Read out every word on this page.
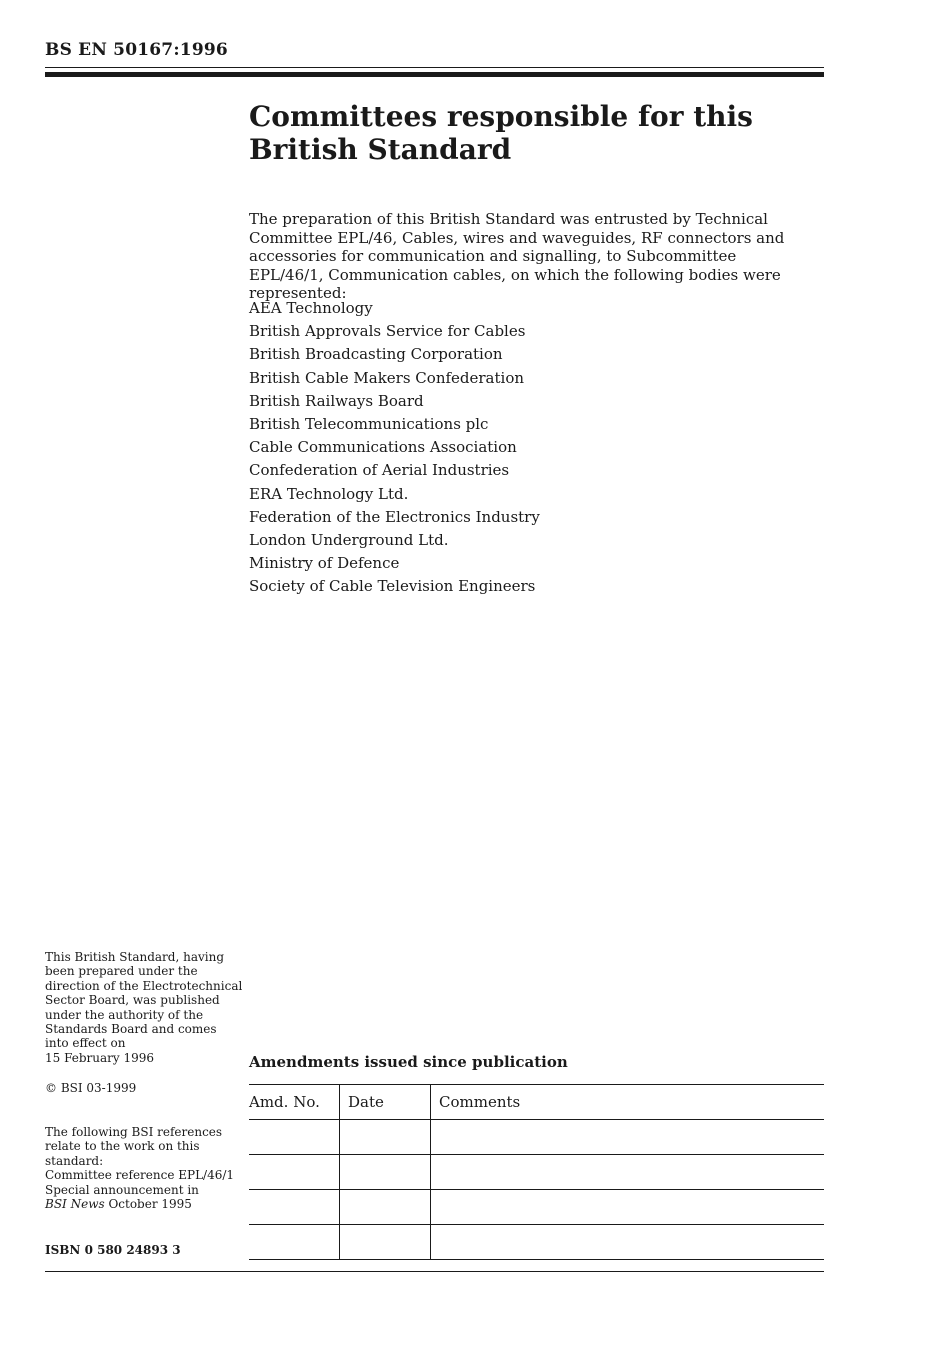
BS EN 50167:1996
Committees responsible for this
British Standard

The preparation of this British Standard was entrusted by Technical Committee EPL/46, Cables, wires and waveguides, RF connectors and accessories for communication and signalling, to Subcommittee EPL/46/1, Communication cables, on which the following bodies were represented:

AEA Technology
British Approvals Service for Cables
British Broadcasting Corporation
British Cable Makers Confederation
British Railways Board
British Telecommunications plc
Cable Communications Association
Confederation of Aerial Industries
ERA Technology Ltd.
Federation of the Electronics Industry
London Underground Ltd.
Ministry of Defence
Society of Cable Television Engineers
This British Standard, having
been prepared under the
direction of the Electrotechnical
Sector Board, was published
under the authority of the
Standards Board and comes
into effect on
15 February 1996
© BSI 03-1999
The following BSI references
relate to the work on this
standard:
Committee reference EPL/46/1
Special announcement in
BSI News October 1995
ISBN 0 580 24893 3
Amendments issued since publication
Amd. No.	Date	Comments
